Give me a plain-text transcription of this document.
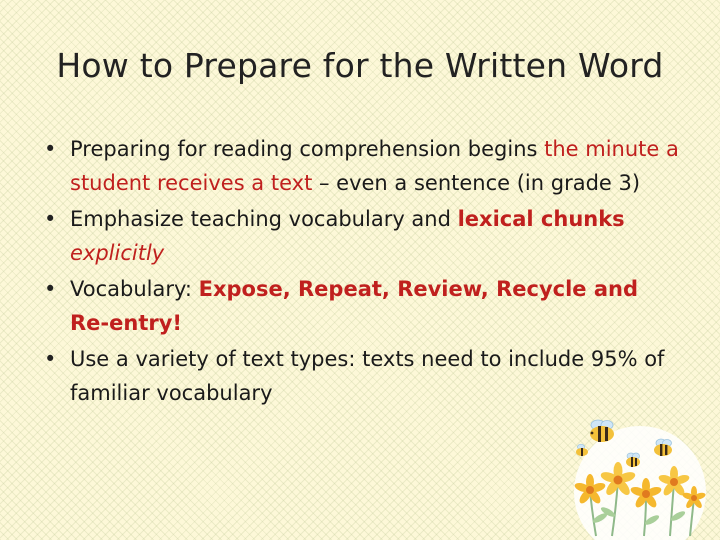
How to Prepare for the Written Word
• Preparing for reading comprehension begins the minute a student receives a text – even a sentence (in grade 3)
• Emphasize teaching vocabulary and lexical chunks explicitly
• Vocabulary: Expose, Repeat, Review, Recycle and Re-entry!
• Use a variety of text types: texts need to include 95% of familiar vocabulary
